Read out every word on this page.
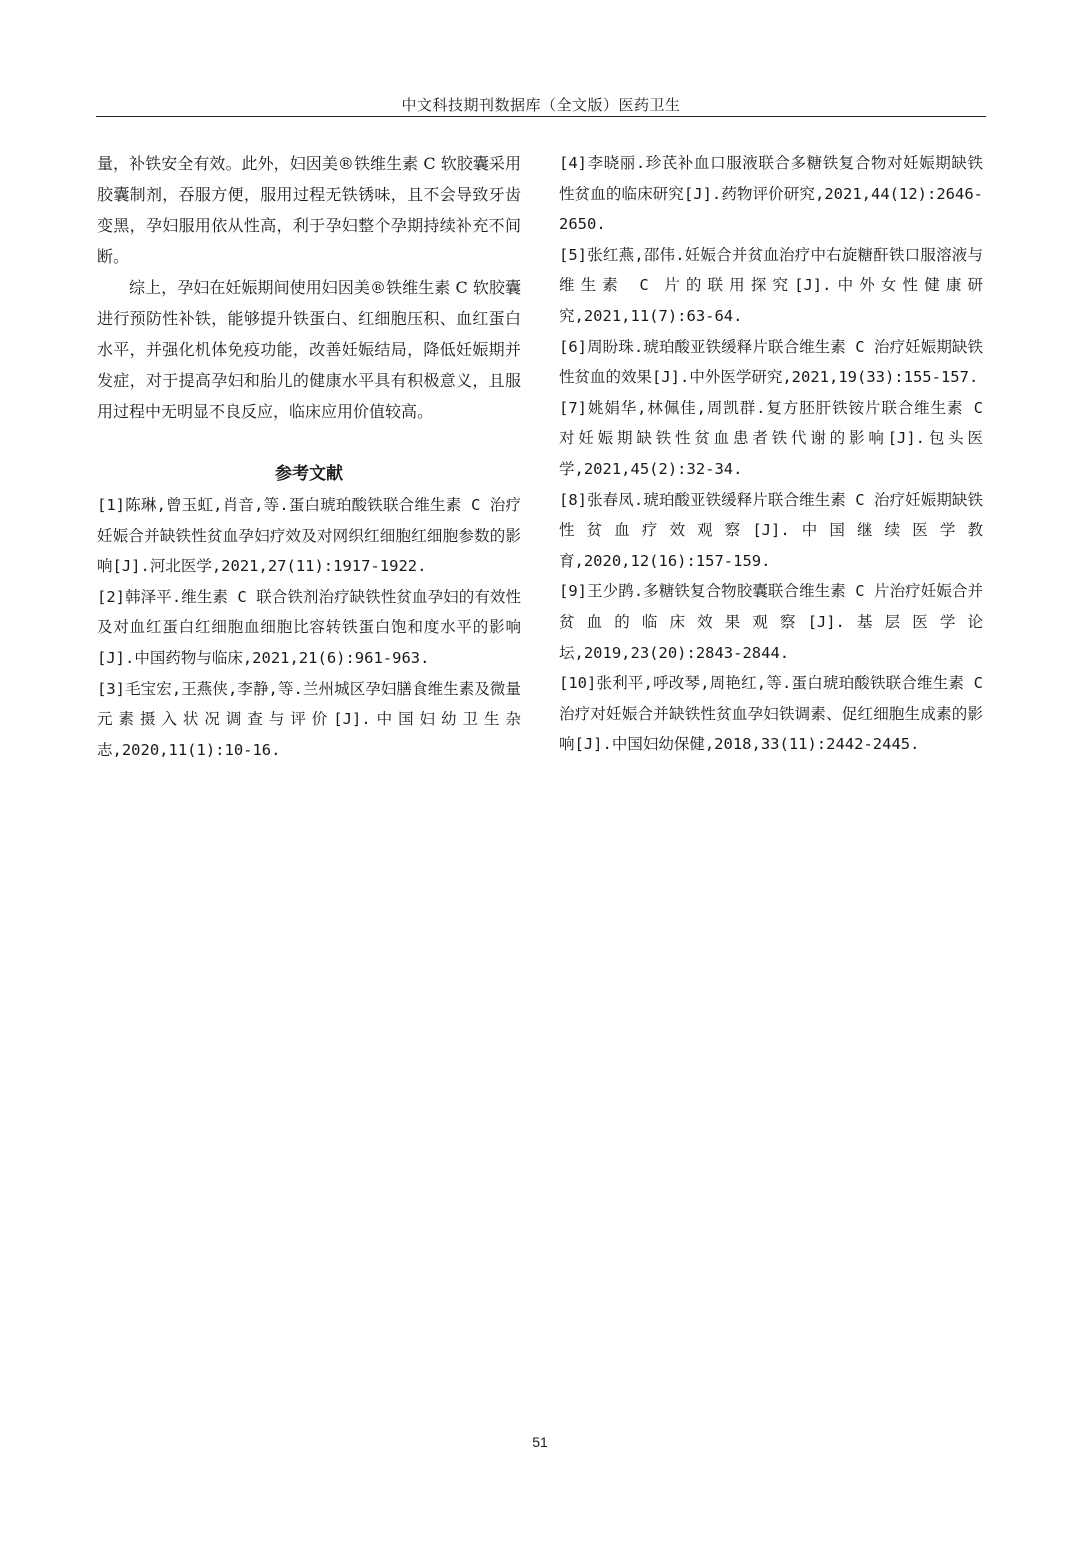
中文科技期刊数据库（全文版）医药卫生

量，补铁安全有效。此外，妇因美®铁维生素 C 软胶囊采用胶囊制剂，吞服方便，服用过程无铁锈味，且不会导致牙齿变黑，孕妇服用依从性高，利于孕妇整个孕期持续补充不间断。

综上，孕妇在妊娠期间使用妇因美®铁维生素 C 软胶囊进行预防性补铁，能够提升铁蛋白、红细胞压积、血红蛋白水平，并强化机体免疫功能，改善妊娠结局，降低妊娠期并发症，对于提高孕妇和胎儿的健康水平具有积极意义，且服用过程中无明显不良反应，临床应用价值较高。

参考文献

[1]陈琳,曾玉虹,肖音,等.蛋白琥珀酸铁联合维生素 C 治疗妊娠合并缺铁性贫血孕妇疗效及对网织红细胞红细胞参数的影响[J].河北医学,2021,27(11):1917-1922.

[2]韩泽平.维生素 C 联合铁剂治疗缺铁性贫血孕妇的有效性及对血红蛋白红细胞血细胞比容转铁蛋白饱和度水平的影响[J].中国药物与临床,2021,21(6):961-963.

[3]毛宝宏,王燕侠,李静,等.兰州城区孕妇膳食维生素及微量元素摄入状况调查与评价[J].中国妇幼卫生杂志,2020,11(1):10-16.

[4]李晓丽.珍芪补血口服液联合多糖铁复合物对妊娠期缺铁性贫血的临床研究[J].药物评价研究,2021,44(12):2646-2650.

[5]张红燕,邵伟.妊娠合并贫血治疗中右旋糖酐铁口服溶液与维生素 C 片的联用探究[J].中外女性健康研究,2021,11(7):63-64.

[6]周盼珠.琥珀酸亚铁缓释片联合维生素 C 治疗妊娠期缺铁性贫血的效果[J].中外医学研究,2021,19(33):155-157.

[7]姚娟华,林佩佳,周凯群.复方胚肝铁铵片联合维生素 C 对妊娠期缺铁性贫血患者铁代谢的影响[J].包头医学,2021,45(2):32-34.

[8]张春凤.琥珀酸亚铁缓释片联合维生素 C 治疗妊娠期缺铁性贫血疗效观察[J].中国继续医学教育,2020,12(16):157-159.

[9]王少鹍.多糖铁复合物胶囊联合维生素 C 片治疗妊娠合并贫血的临床效果观察[J].基层医学论坛,2019,23(20):2843-2844.

[10]张利平,呼改琴,周艳红,等.蛋白琥珀酸铁联合维生素 C 治疗对妊娠合并缺铁性贫血孕妇铁调素、促红细胞生成素的影响[J].中国妇幼保健,2018,33(11):2442-2445.

51
